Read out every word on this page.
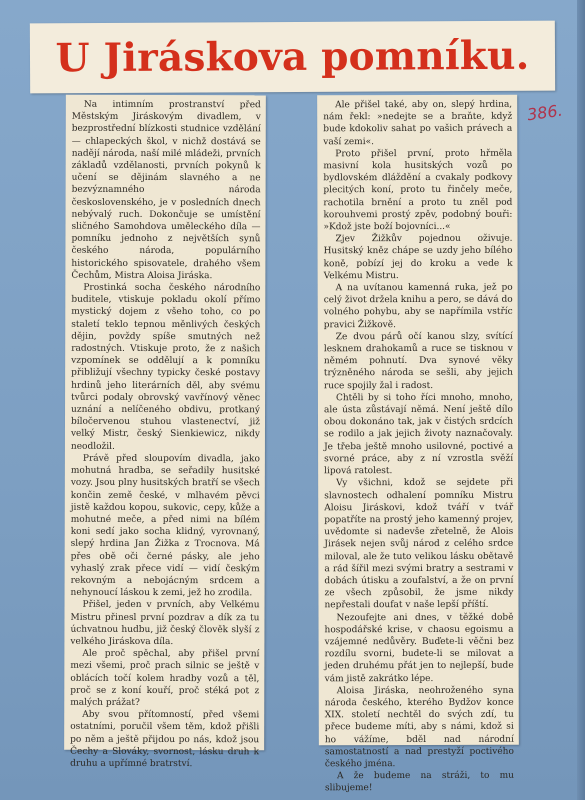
U Jiráskova pomníku.
386.

Na intimním prostranství před Městským Jiráskovým divadlem, v bezprostřední blízkosti studnice vzdělání — chlapeckých škol, v nichž dostává se nadějí národa, naší milé mládeži, prvních základů vzdělanosti, prvních pokynů k učení se dějinám slavného a ne bezvýznamného národa československého, je v posledních dnech nebývalý ruch. Dokončuje se umístění sličného Samohdova uměleckého díla — pomníku jednoho z největších synů českého národa, populárního historického spisovatele, drahého všem Čechům, Mistra Aloisa Jiráska.

Prostinká socha českého národního buditele, vtiskuje pokladu okolí přímo mystický dojem z všeho toho, co po staletí teklo tepnou měnlivých českých dějin, povždy spíše smutných než radostných. Vtiskuje proto, že z našich vzpomínek se oddělují a k pomníku přibližují všechny typicky české postavy hrdinů jeho literárních děl, aby svému tvůrci podaly obrovský vavřínový věnec uznání a nelíčeného obdivu, protkaný bíločervenou stuhou vlastenectví, již velký Mistr, český Sienkiewicz, nikdy neodložil.

Právě před sloupovím divadla, jako mohutná hradba, se seřadily husitské vozy. Jsou plny husitských bratří se všech končin země české, v mlhavém pěvci jistě každou kopou, sukovic, cepy, kůže a mohutné meče, a před nimi na bílém koni sedí jako socha klidný, vyrovnaný, slepý hrdina Jan Žižka z Trocnova. Má přes obě oči černé pásky, ale jeho vyhaslý zrak přece vidí — vidí českým rekovným a nebojácným srdcem a nehynoucí láskou k zemi, jež ho zrodila.

Přišel, jeden v prvních, aby Velkému Mistru přinesl první pozdrav a dík za tu úchvatnou hudbu, již český člověk slyší z velkého Jiráskova díla.

Ale proč spěchal, aby přišel první mezi všemi, proč prach silnic se ještě v oblácích točí kolem hradby vozů a těl, proč se z koní kouří, proč stéká pot z malých prážat?

Aby svou přítomností, před všemi ostatními, poručil všem těm, kdož přišli po něm a ještě přijdou po nás, kdož jsou Čechy a Slováky, svornost, lásku druh k druhu a upřímné bratrství.

Ale přišel také, aby on, slepý hrdina, nám řekl: »nedejte se a braňte, když bude kdokoliv sahat po vašich právech a vaší zemi«.

Proto přišel první, proto hřměla masivní kola husitských vozů po bydlovském dláždění a cvakaly podkovy plecitých koní, proto tu řinčely meče, rachotila brnění a proto tu zněl pod korouhvemi prostý zpěv, podobný bouři: »Kdož jste boží bojovníci...«

Zjev Žižkův pojednou oživuje. Husitský kněz chápe se uzdy jeho bílého koně, pobízí jej do kroku a vede k Velkému Mistru.

A na uvítanou kamenná ruka, jež po celý život držela knihu a pero, se dává do volného pohybu, aby se napřímila vstříc pravici Žižkově.

Ze dvou párů očí kanou slzy, svítící lesknem drahokamů a ruce se tisknou v němém pohnutí. Dva synové věky trýzněného národa se sešli, aby jejich ruce spojily žal i radost.

Chtěli by si toho říci mnoho, mnoho, ale ústa zůstávají němá. Není ještě dílo obou dokonáno tak, jak v čistých srdcích se rodilo a jak jejich životy naznačovaly. Je třeba ještě mnoho usilovné, poctivé a svorné práce, aby z ní vzrostla svěží lipová ratolest.

Vy všichni, kdož se sejdete při slavnostech odhalení pomníku Mistru Aloisu Jiráskovi, kdož tváří v tvář popatříte na prostý jeho kamenný projev, uvědomte si nadevše zřetelně, že Alois Jirásek nejen svůj národ z celého srdce miloval, ale že tuto velikou lásku obětavě a rád šířil mezi svými bratry a sestrami v dobách útisku a zoufalství, a že on první ze všech způsobil, že jsme nikdy nepřestali doufat v naše lepší příští.

Nezoufejte ani dnes, v těžké době hospodářské krise, v chaosu egoismu a vzájemné nedůvěry. Buďete-li věčni bez rozdílu svorni, budete-li se milovat a jeden druhému přát jen to nejlepší, bude vám jistě zakrátko lépe.

Aloisa Jiráska, neohroženého syna národa českého, kterého Bydžov konce XIX. století nechtěl do svých zdí, tu přece budeme míti, aby s námi, kdož si ho vážíme, bděl nad národní samostatností a nad prestyží poctivého českého jména.

A že budeme na stráži, to mu slibujeme!
